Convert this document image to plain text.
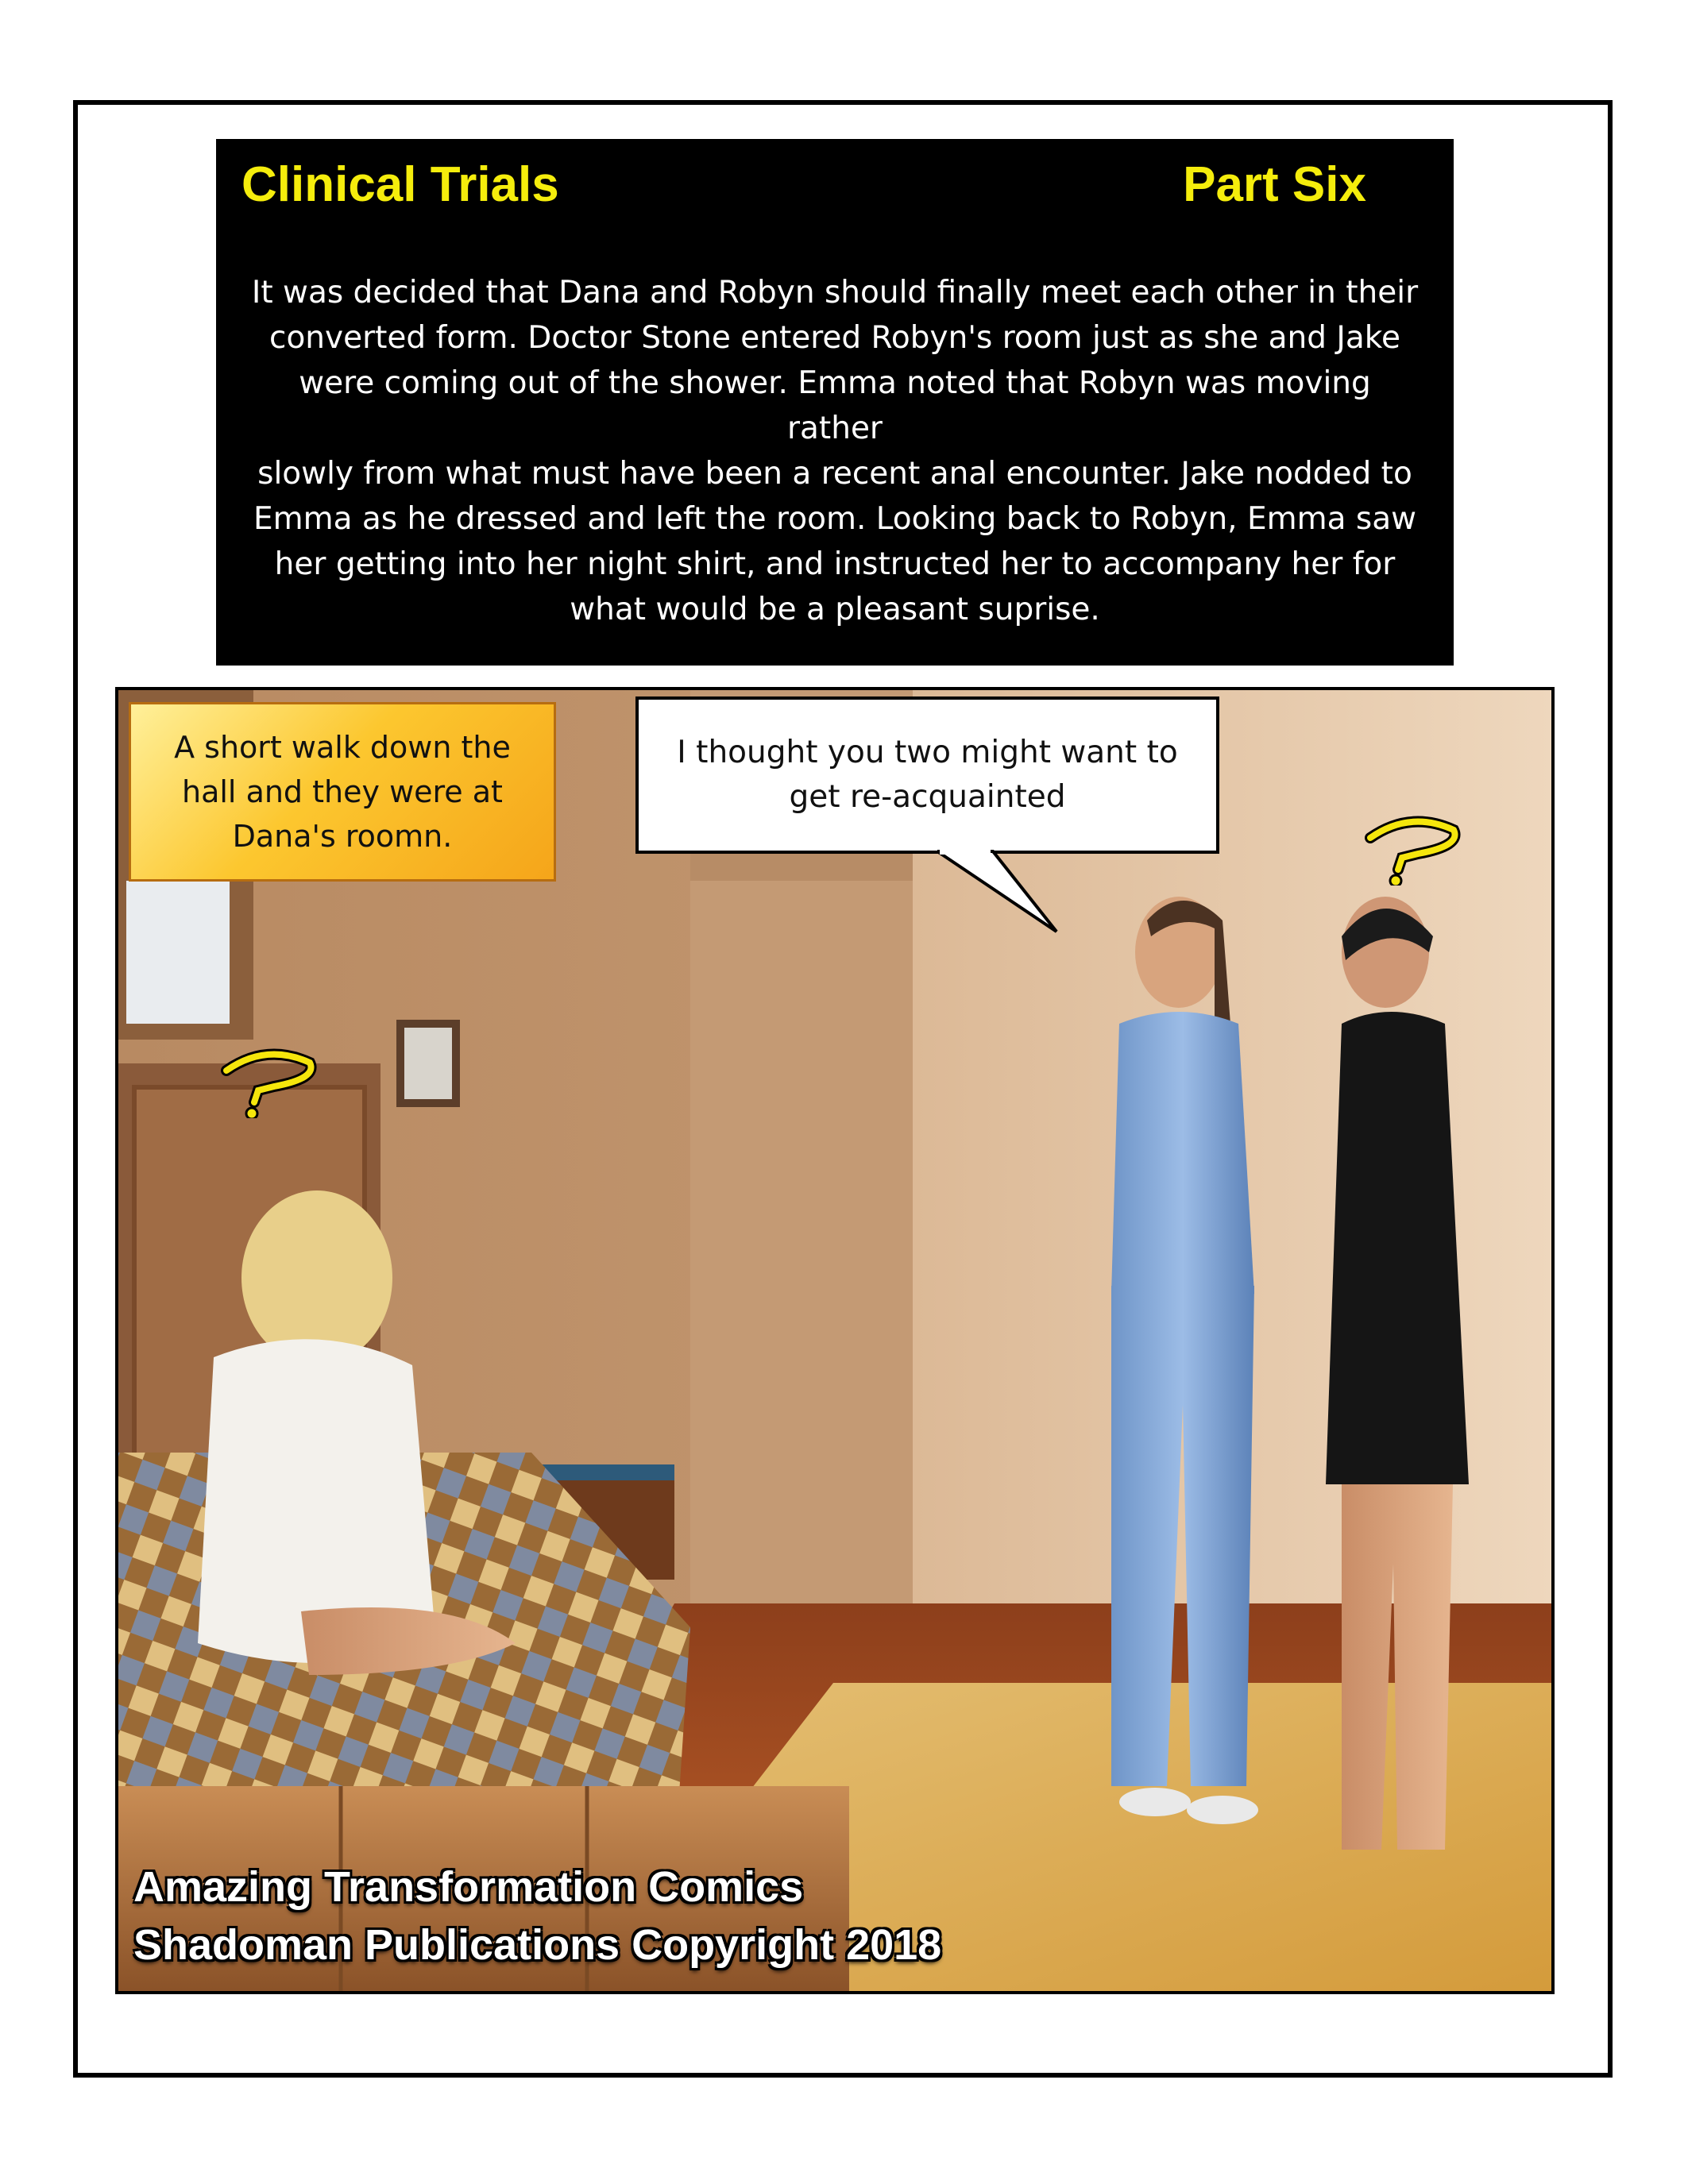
Clinical Trials	Part Six
It was decided that Dana and Robyn should finally meet each other in their
converted form. Doctor Stone entered Robyn's room just as she and Jake
were coming out of the shower. Emma noted that Robyn was moving rather
slowly from what must have been a recent anal encounter. Jake nodded to
Emma as he dressed and left the room. Looking back to Robyn, Emma saw
her getting into her night shirt, and instructed her to accompany her for
what would be a pleasant suprise.
A short walk down the
hall and they were at
Dana's roomn.
I thought you two might want to
get re-acquainted
Amazing Transformation Comics
Shadoman Publications Copyright 2018
